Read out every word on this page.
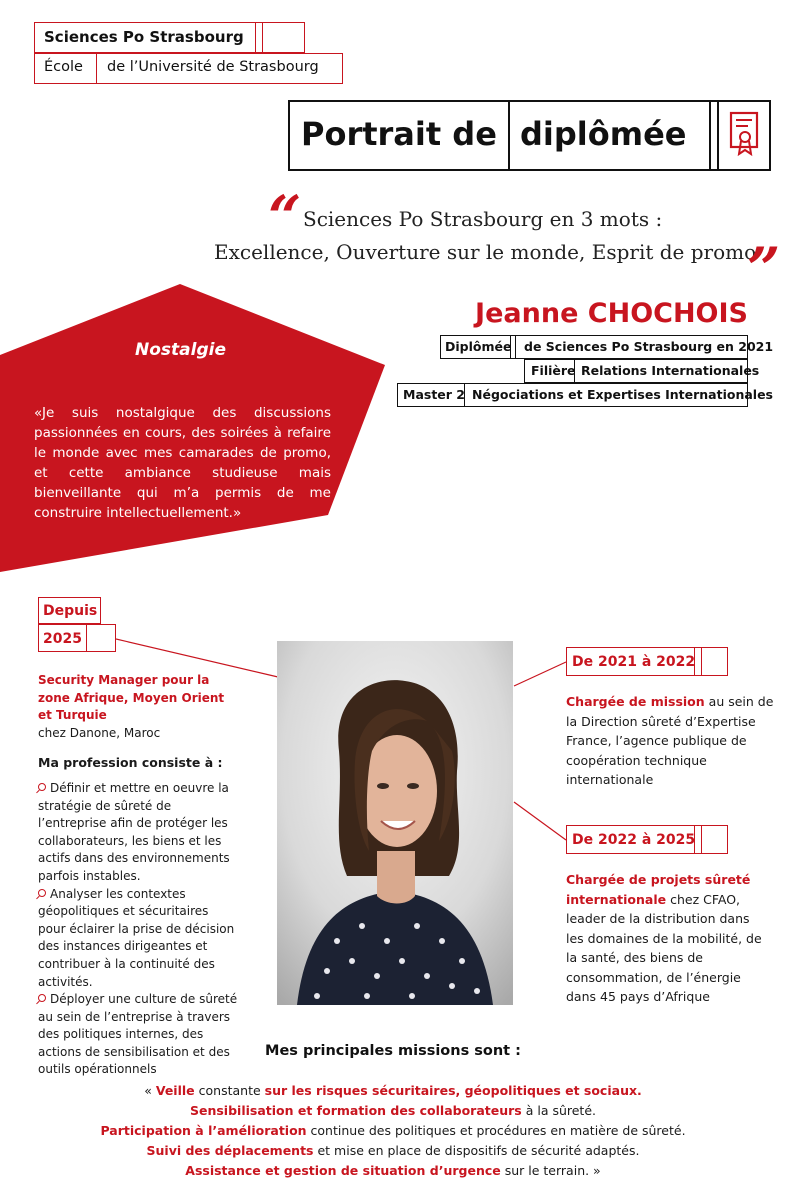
Sciences Po Strasbourg
École de l’Université de Strasbourg
Portrait de diplômée
“ Sciences Po Strasbourg en 3 mots :
Excellence, Ouverture sur le monde, Esprit de promo
”
Jeanne CHOCHOIS
Diplômée de Sciences Po Strasbourg en 2021
Filière Relations Internationales
Master 2 Négociations et Expertises Internationales
Nostalgie
«Je suis nostalgique des discussions passionnées en cours, des soirées à refaire le monde avec mes camarades de promo, et cette ambiance studieuse mais bienveillante qui m’a permis de me construire intellectuellement.»
Depuis
2025
Security Manager pour la zone Afrique, Moyen Orient et Turquie
chez Danone, Maroc
Ma profession consiste à :
Définir et mettre en oeuvre la stratégie de sûreté de l’entreprise afin de protéger les collaborateurs, les biens et les actifs dans des environnements parfois instables.
Analyser les contextes géopolitiques et sécuritaires pour éclairer la prise de décision des instances dirigeantes et contribuer à la continuité des activités.
Déployer une culture de sûreté au sein de l’entreprise à travers des politiques internes, des actions de sensibilisation et des outils opérationnels
De 2021 à 2022
Chargée de mission au sein de la Direction sûreté d’Expertise France, l’agence publique de coopération technique internationale
De 2022 à 2025
Chargée de projets sûreté internationale chez CFAO, leader de la distribution dans les domaines de la mobilité, de la santé, des biens de consommation, de l’énergie dans 45 pays d’Afrique
Mes principales missions sont :
« Veille constante sur les risques sécuritaires, géopolitiques et sociaux.
Sensibilisation et formation des collaborateurs à la sûreté.
Participation à l’amélioration continue des politiques et procédures en matière de sûreté.
Suivi des déplacements et mise en place de dispositifs de sécurité adaptés.
Assistance et gestion de situation d’urgence sur le terrain. »
